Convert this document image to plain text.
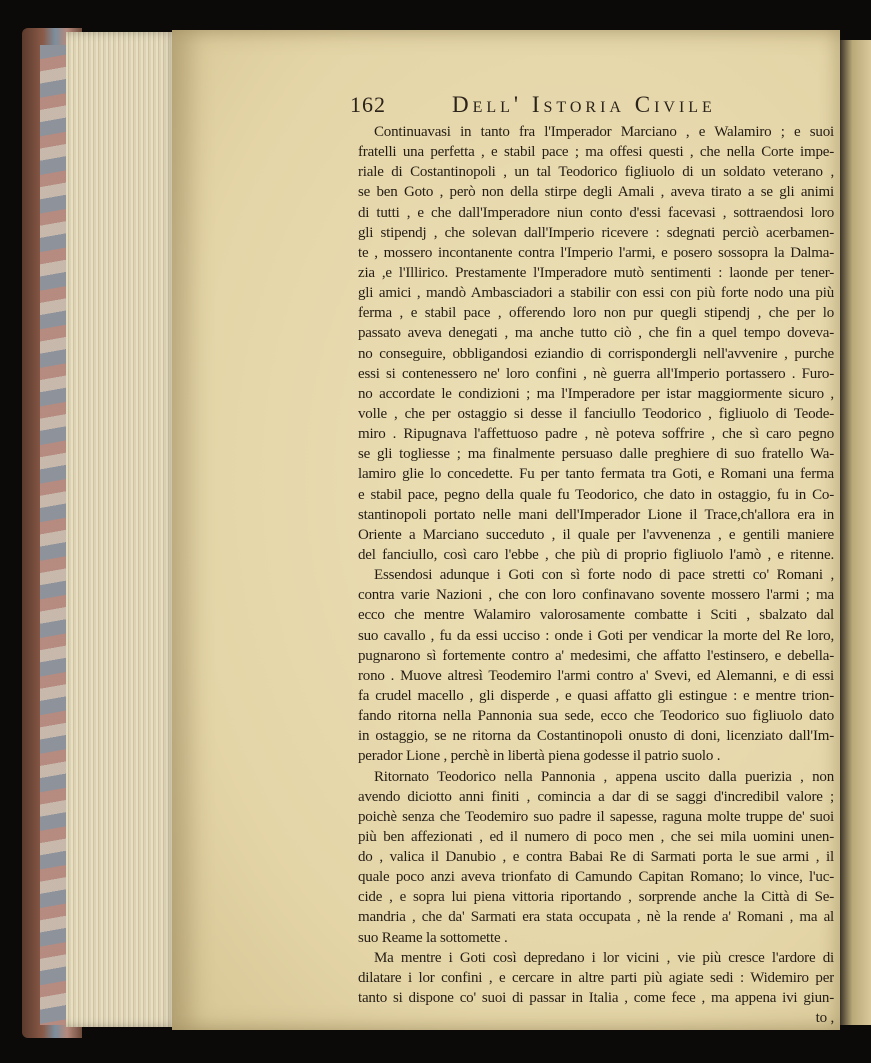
162	Dell' Istoria Civile
Continuavasi in tanto fra l'Imperador Marciano , e Walamiro ; e suoi
fratelli una perfetta , e stabil pace ; ma offesi questi , che nella Corte impe-
riale di Costantinopoli , un tal Teodorico figliuolo di un soldato veterano ,
se ben Goto , però non della stirpe degli Amali , aveva tirato a se gli animi
di tutti , e che dall'Imperadore niun conto d'essi facevasi , sottraendosi loro
gli stipendj , che solevan dall'Imperio ricevere : sdegnati perciò acerbamen-
te , mossero incontanente contra l'Imperio l'armi, e posero sossopra la Dalma-
zia ,e l'Illirico. Prestamente l'Imperadore mutò sentimenti : laonde per tener-
gli amici , mandò Ambasciadori a stabilir con essi con più forte nodo una più
ferma , e stabil pace , offerendo loro non pur quegli stipendj , che per lo
passato aveva denegati , ma anche tutto ciò , che fin a quel tempo doveva-
no conseguire, obbligandosi eziandio di corrispondergli nell'avvenire , purche
essi si contenessero ne' loro confini , nè guerra all'Imperio portassero . Furo-
no accordate le condizioni ; ma l'Imperadore per istar maggiormente sicuro ,
volle , che per ostaggio si desse il fanciullo Teodorico , figliuolo di Teode-
miro . Ripugnava l'affettuoso padre , nè poteva soffrire , che sì caro pegno
se gli togliesse ; ma finalmente persuaso dalle preghiere di suo fratello Wa-
lamiro glie lo concedette. Fu per tanto fermata tra Goti, e Romani una ferma
e stabil pace, pegno della quale fu Teodorico, che dato in ostaggio, fu in Co-
stantinopoli portato nelle mani dell'Imperador Lione il Trace,ch'allora era in
Oriente a Marciano succeduto , il quale per l'avvenenza , e gentili maniere
del fanciullo, così caro l'ebbe , che più di proprio figliuolo l'amò , e ritenne.
Essendosi adunque i Goti con sì forte nodo di pace stretti co' Romani ,
contra varie Nazioni , che con loro confinavano sovente mossero l'armi ; ma
ecco che mentre Walamiro valorosamente combatte i Sciti , sbalzato dal
suo cavallo , fu da essi ucciso : onde i Goti per vendicar la morte del Re loro,
pugnarono sì fortemente contro a' medesimi, che affatto l'estinsero, e debella-
rono . Muove altresì Teodemiro l'armi contro a' Svevi, ed Alemanni, e di essi
fa crudel macello , gli disperde , e quasi affatto gli estingue : e mentre trion-
fando ritorna nella Pannonia sua sede, ecco che Teodorico suo figliuolo dato
in ostaggio, se ne ritorna da Costantinopoli onusto di doni, licenziato dall'Im-
perador Lione , perchè in libertà piena godesse il patrio suolo .
Ritornato Teodorico nella Pannonia , appena uscito dalla puerizia , non
avendo diciotto anni finiti , comincia a dar di se saggi d'incredibil valore ;
poichè senza che Teodemiro suo padre il sapesse, raguna molte truppe de' suoi
più ben affezionati , ed il numero di poco men , che sei mila uomini unen-
do , valica il Danubio , e contra Babai Re di Sarmati porta le sue armi , il
quale poco anzi aveva trionfato di Camundo Capitan Romano; lo vince, l'uc-
cide , e sopra lui piena vittoria riportando , sorprende anche la Città di Se-
mandria , che da' Sarmati era stata occupata , nè la rende a' Romani , ma al
suo Reame la sottomette .
Ma mentre i Goti così depredano i lor vicini , vie più cresce l'ardore di
dilatare i lor confini , e cercare in altre parti più agiate sedi : Widemiro per
tanto si dispone co' suoi di passar in Italia , come fece , ma appena ivi giun-
to ,
